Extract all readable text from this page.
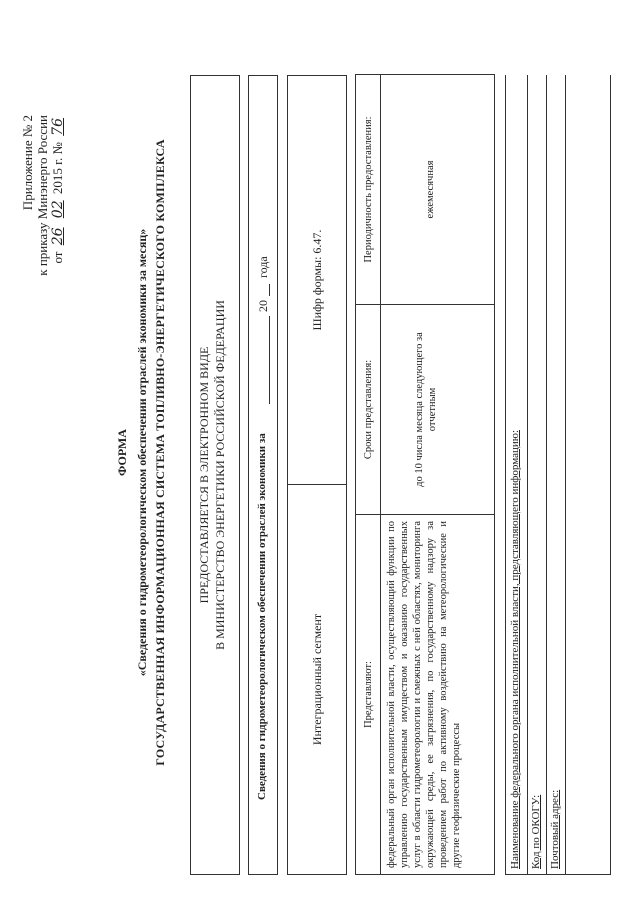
Приложение № 2 к приказу Минэнерго России от 26 02 2015 г. № 76
ФОРМА «Сведения о гидрометеорологическом обеспечении отраслей экономики за месяц» ГОСУДАРСТВЕННАЯ ИНФОРМАЦИОННАЯ СИСТЕМА ТОПЛИВНО-ЭНЕРГЕТИЧЕСКОГО КОМПЛЕКСА	ПРЕДОСТАВЛЯЕТСЯ В ЭЛЕКТРОННОМ ВИДЕ В МИНИСТЕРСТВО ЭНЕРГЕТИКИ РОССИЙСКОЙ ФЕДЕРАЦИИ	Сведения о гидрометеорологическом обеспечении отраслей экономики за
20
года
Интеграционный сегмент
Шифр формы: 6.47.
Представляют:	Сроки представления:	Периодичность предоставления:
федеральный орган исполнительной власти, осуществляющий функции по управлению государственным имуществом и оказанию государственных услуг в области гидрометеорологии и смежных с ней областях, мониторинга окружающей среды, ее загрязнения, по государственному надзору за проведением работ по активному воздействию на метеорологические и другие геофизические процессы	до 10 числа месяца следующего за отчетным	ежемесячная
Наименование федерального органа исполнительной власти, представляющего информацию: Код по ОКОГУ: Почтовый адрес:
